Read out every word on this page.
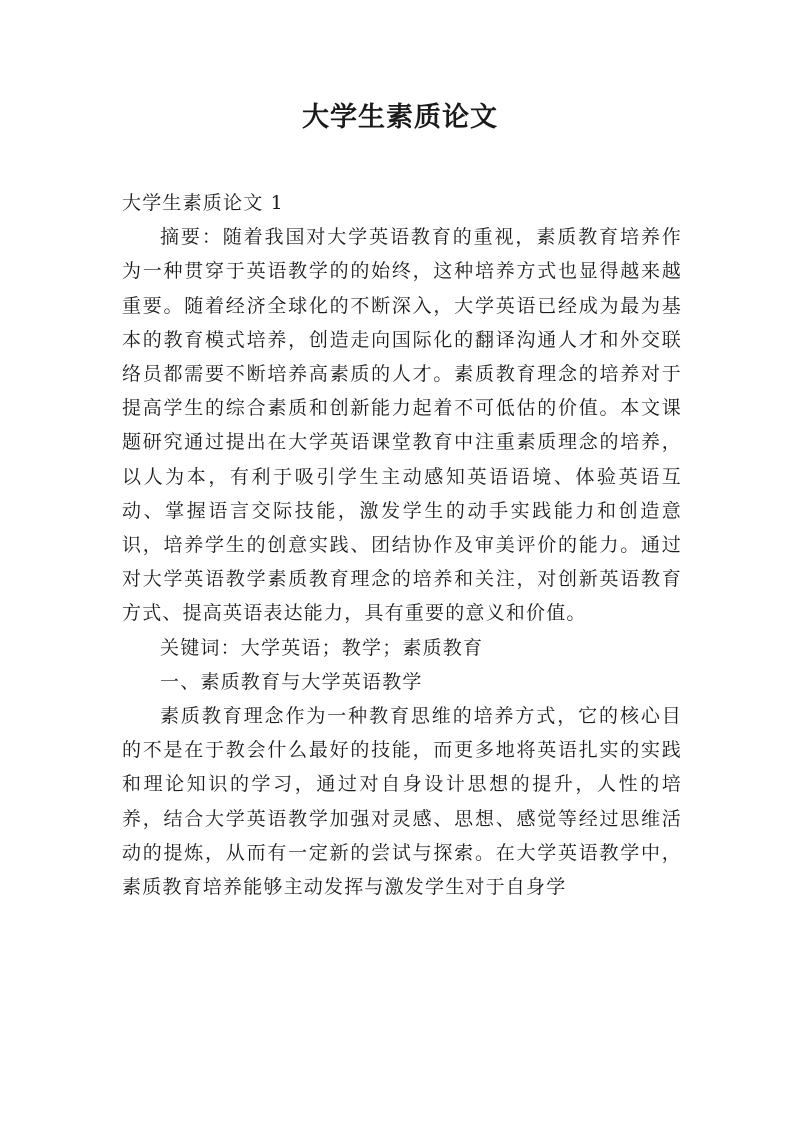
大学生素质论文

大学生素质论文 1

摘要：随着我国对大学英语教育的重视，素质教育培养作为一种贯穿于英语教学的的始终，这种培养方式也显得越来越重要。随着经济全球化的不断深入，大学英语已经成为最为基本的教育模式培养，创造走向国际化的翻译沟通人才和外交联络员都需要不断培养高素质的人才。素质教育理念的培养对于提高学生的综合素质和创新能力起着不可低估的价值。本文课题研究通过提出在大学英语课堂教育中注重素质理念的培养，以人为本，有利于吸引学生主动感知英语语境、体验英语互动、掌握语言交际技能，激发学生的动手实践能力和创造意识，培养学生的创意实践、团结协作及审美评价的能力。通过对大学英语教学素质教育理念的培养和关注，对创新英语教育方式、提高英语表达能力，具有重要的意义和价值。

关键词：大学英语；教学；素质教育

一、素质教育与大学英语教学

素质教育理念作为一种教育思维的培养方式，它的核心目的不是在于教会什么最好的技能，而更多地将英语扎实的实践和理论知识的学习，通过对自身设计思想的提升，人性的培养，结合大学英语教学加强对灵感、思想、感觉等经过思维活动的提炼，从而有一定新的尝试与探索。在大学英语教学中，素质教育培养能够主动发挥与激发学生对于自身学
